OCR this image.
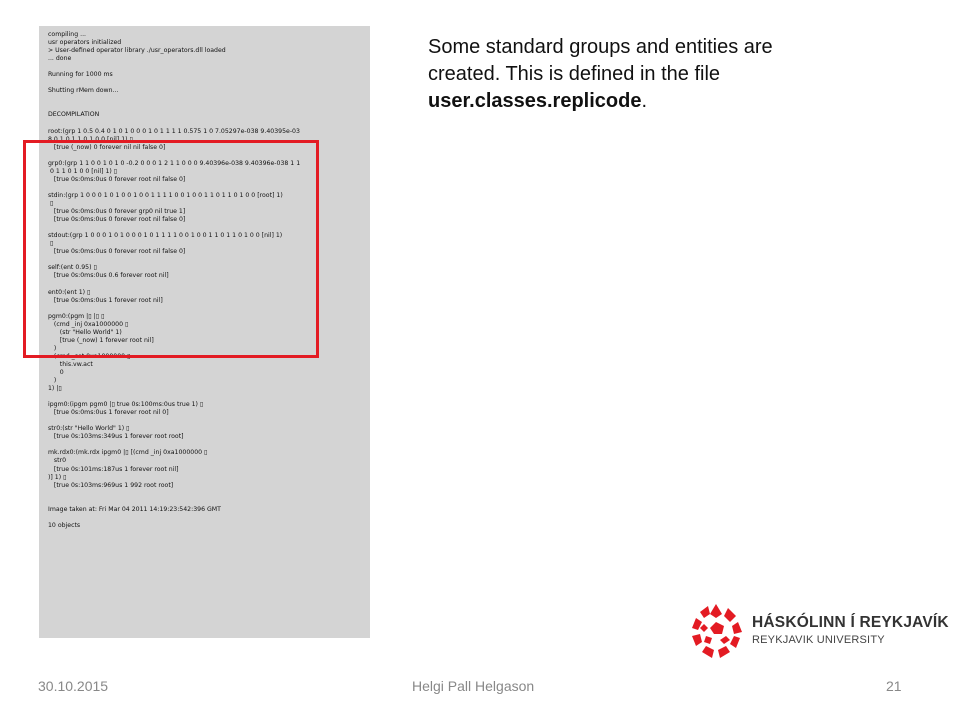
compiling ...
usr operators initialized
> User-defined operator library ./usr_operators.dll loaded
... done
Running for 1000 ms
Shutting rMem down...
DECOMPILATION
root:(grp 1 0.5 0.4 0 1 0 1 0 0 0 1 0 1 1 1 1 0.575 1 0 7.05297e-038 9.40395e-03
8 0 1 0 1 1 0 1 0 0 [nil] 1) ▯
[true (_now) 0 forever nil nil false 0]
grp0:(grp 1 1 0 0 1 0 1 0 -0.2 0 0 0 1 2 1 1 0 0 0 9.40396e-038 9.40396e-038 1 1
0 1 1 0 1 0 0 [nil] 1) ▯
[true 0s:0ms:0us 0 forever root nil false 0]
stdin:(grp 1 0 0 0 1 0 1 0 0 1 0 0 1 1 1 1 0 0 1 0 0 1 1 0 1 1 0 1 0 0 [root] 1)
▯
[true 0s:0ms:0us 0 forever grp0 nil true 1]
[true 0s:0ms:0us 0 forever root nil false 0]
stdout:(grp 1 0 0 0 1 0 1 0 0 0 1 0 1 1 1 1 0 0 1 0 0 1 1 0 1 1 0 1 0 0 [nil] 1)
▯
[true 0s:0ms:0us 0 forever root nil false 0]
self:(ent 0.95) ▯
[true 0s:0ms:0us 0.6 forever root nil]
ent0:(ent 1) ▯
[true 0s:0ms:0us 1 forever root nil]
pgm0:(pgm |▯ |▯ ▯
(cmd _inj 0xa1000000 ▯
(str "Hello World" 1)
[true (_now) 1 forever root nil]
)
(cmd _set 0xa1000000 ▯
this.vw.act
0
)
1) |▯
ipgm0:(ipgm pgm0 |▯ true 0s:100ms:0us true 1) ▯
[true 0s:0ms:0us 1 forever root nil 0]
str0:(str "Hello World" 1) ▯
[true 0s:103ms:349us 1 forever root root]
mk.rdx0:(mk.rdx ipgm0 |▯ [(cmd _inj 0xa1000000 ▯
str0
[true 0s:101ms:187us 1 forever root nil]
)] 1) ▯
[true 0s:103ms:969us 1 992 root root]
Image taken at: Fri Mar 04 2011 14:19:23:542:396 GMT
10 objects
Some standard groups and entities are created. This is defined in the file user.classes.replicode.
HÁSKÓLINN Í REYKJAVÍK
REYKJAVIK UNIVERSITY
30.10.2015	Helgi Pall Helgason	21
